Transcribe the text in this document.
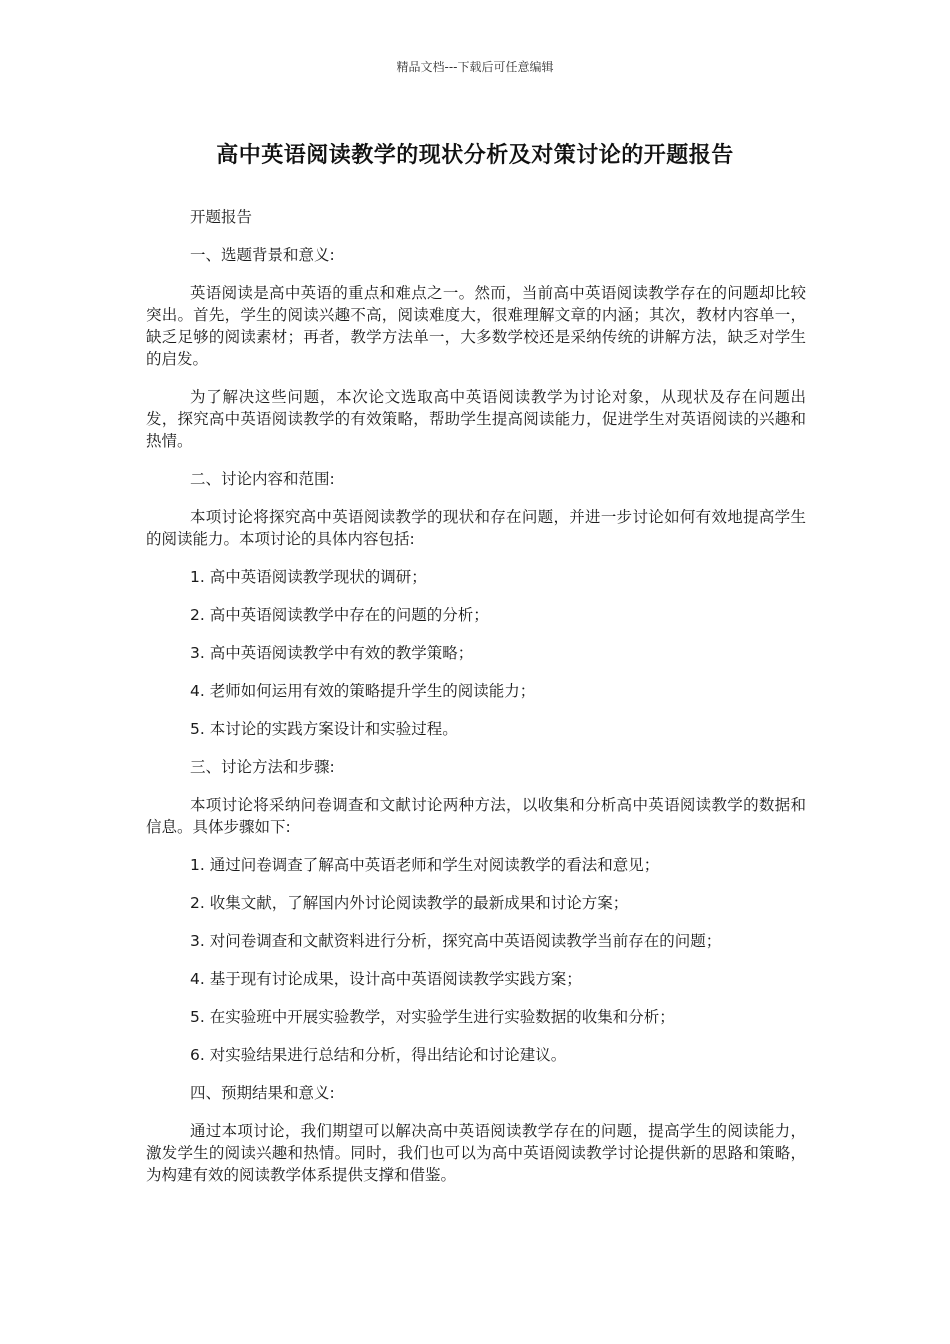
精品文档---下载后可任意编辑
高中英语阅读教学的现状分析及对策讨论的开题报告

开题报告

一、选题背景和意义:

英语阅读是高中英语的重点和难点之一。然而，当前高中英语阅读教学存在的问题却比较突出。首先，学生的阅读兴趣不高，阅读难度大，很难理解文章的内涵；其次，教材内容单一，缺乏足够的阅读素材；再者，教学方法单一，大多数学校还是采纳传统的讲解方法，缺乏对学生的启发。

为了解决这些问题，本次论文选取高中英语阅读教学为讨论对象，从现状及存在问题出发，探究高中英语阅读教学的有效策略，帮助学生提高阅读能力，促进学生对英语阅读的兴趣和热情。

二、讨论内容和范围:

本项讨论将探究高中英语阅读教学的现状和存在问题，并进一步讨论如何有效地提高学生的阅读能力。本项讨论的具体内容包括:

1. 高中英语阅读教学现状的调研；

2. 高中英语阅读教学中存在的问题的分析；

3. 高中英语阅读教学中有效的教学策略；

4. 老师如何运用有效的策略提升学生的阅读能力；

5. 本讨论的实践方案设计和实验过程。

三、讨论方法和步骤:

本项讨论将采纳问卷调查和文献讨论两种方法，以收集和分析高中英语阅读教学的数据和信息。具体步骤如下:

1. 通过问卷调查了解高中英语老师和学生对阅读教学的看法和意见；

2. 收集文献，了解国内外讨论阅读教学的最新成果和讨论方案；

3. 对问卷调查和文献资料进行分析，探究高中英语阅读教学当前存在的问题；

4. 基于现有讨论成果，设计高中英语阅读教学实践方案；

5. 在实验班中开展实验教学，对实验学生进行实验数据的收集和分析；

6. 对实验结果进行总结和分析，得出结论和讨论建议。

四、预期结果和意义:

通过本项讨论，我们期望可以解决高中英语阅读教学存在的问题，提高学生的阅读能力，激发学生的阅读兴趣和热情。同时，我们也可以为高中英语阅读教学讨论提供新的思路和策略，为构建有效的阅读教学体系提供支撑和借鉴。
